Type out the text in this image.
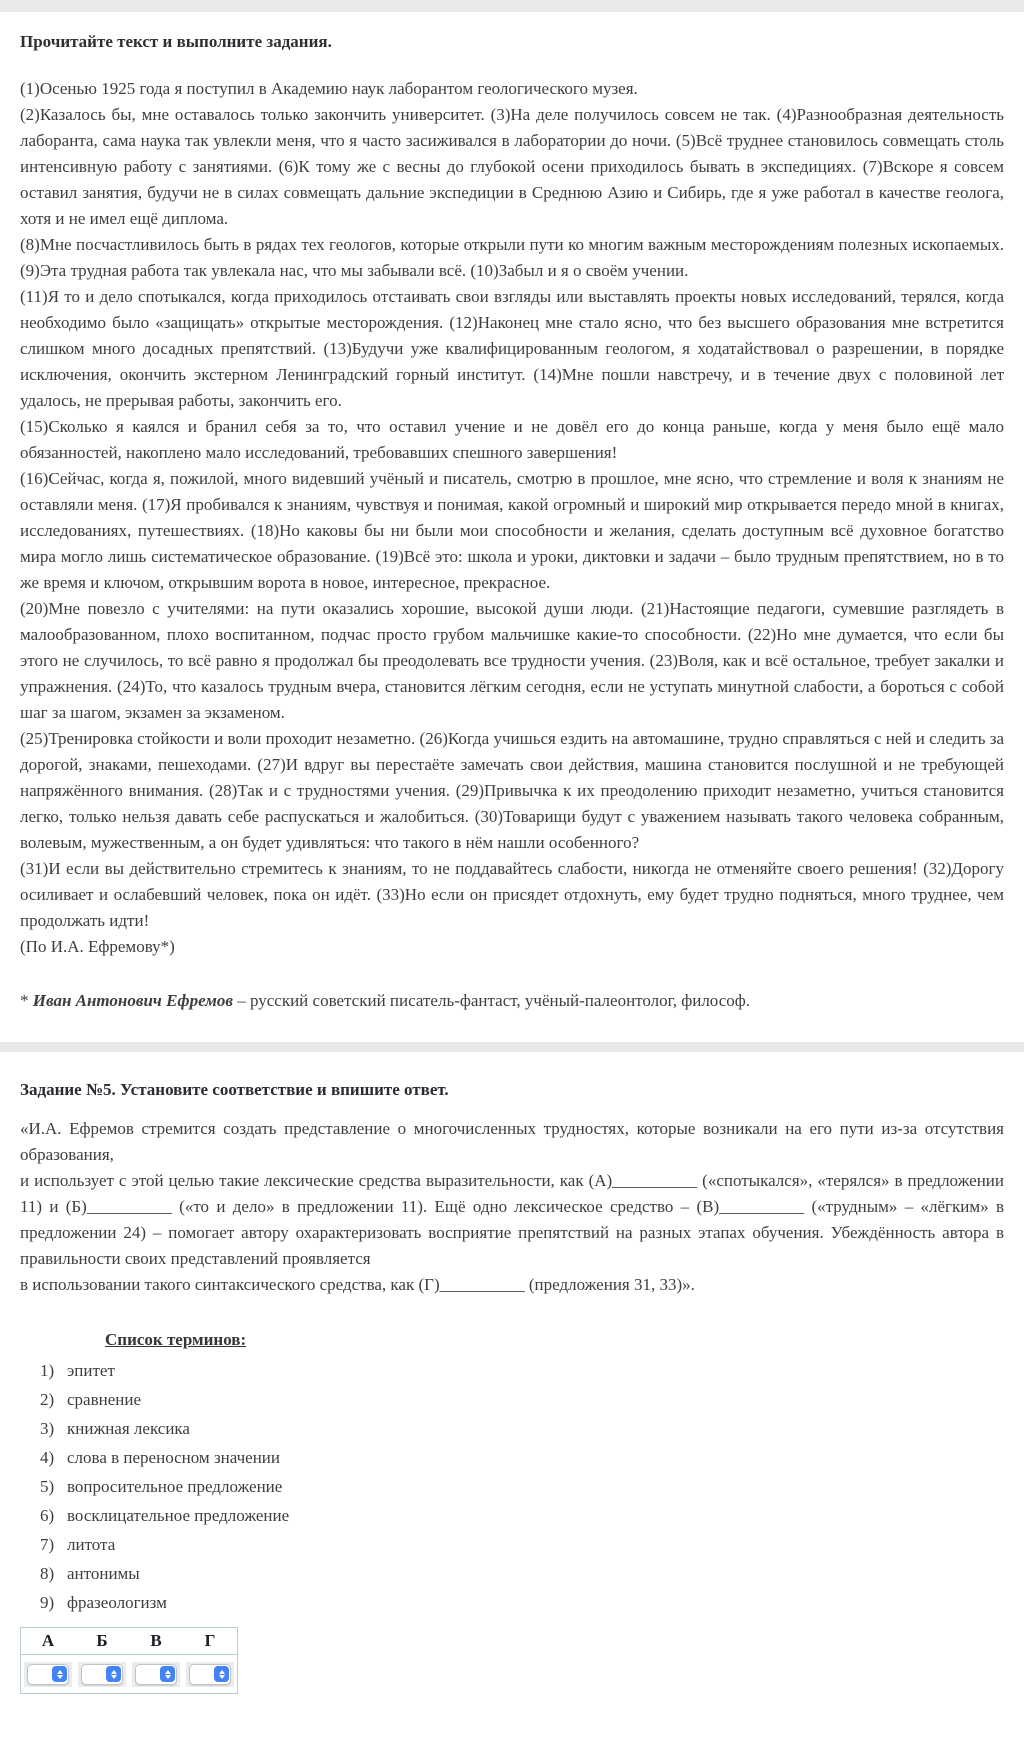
Прочитайте текст и выполните задания.

(1)Осенью 1925 года я поступил в Академию наук лаборантом геологического музея.

(2)Казалось бы, мне оставалось только закончить университет. (3)На деле получилось совсем не так. (4)Разнообразная деятельность лаборанта, сама наука так увлекли меня, что я часто засиживался в лаборатории до ночи. (5)Всё труднее становилось совмещать столь интенсивную работу с занятиями. (6)К тому же с весны до глубокой осени приходилось бывать в экспедициях. (7)Вскоре я совсем оставил занятия, будучи не в силах совмещать дальние экспедиции в Среднюю Азию и Сибирь, где я уже работал в качестве геолога, хотя и не имел ещё диплома.

(8)Мне посчастливилось быть в рядах тех геологов, которые открыли пути ко многим важным месторождениям полезных ископаемых. (9)Эта трудная работа так увлекала нас, что мы забывали всё. (10)Забыл и я о своём учении.

(11)Я то и дело спотыкался, когда приходилось отстаивать свои взгляды или выставлять проекты новых исследований, терялся, когда необходимо было «защищать» открытые месторождения. (12)Наконец мне стало ясно, что без высшего образования мне встретится слишком много досадных препятствий. (13)Будучи уже квалифицированным геологом, я ходатайствовал о разрешении, в порядке исключения, окончить экстерном Ленинградский горный институт. (14)Мне пошли навстречу, и в течение двух с половиной лет удалось, не прерывая работы, закончить его.

(15)Сколько я каялся и бранил себя за то, что оставил учение и не довёл его до конца раньше, когда у меня было ещё мало обязанностей, накоплено мало исследований, требовавших спешного завершения!

(16)Сейчас, когда я, пожилой, много видевший учёный и писатель, смотрю в прошлое, мне ясно, что стремление и воля к знаниям не оставляли меня. (17)Я пробивался к знаниям, чувствуя и понимая, какой огромный и широкий мир открывается передо мной в книгах, исследованиях, путешествиях. (18)Но каковы бы ни были мои способности и желания, сделать доступным всё духовное богатство мира могло лишь систематическое образование. (19)Всё это: школа и уроки, диктовки и задачи – было трудным препятствием, но в то же время и ключом, открывшим ворота в новое, интересное, прекрасное.

(20)Мне повезло с учителями: на пути оказались хорошие, высокой души люди. (21)Настоящие педагоги, сумевшие разглядеть в малообразованном, плохо воспитанном, подчас просто грубом мальчишке какие-то способности. (22)Но мне думается, что если бы этого не случилось, то всё равно я продолжал бы преодолевать все трудности учения. (23)Воля, как и всё остальное, требует закалки и упражнения. (24)То, что казалось трудным вчера, становится лёгким сегодня, если не уступать минутной слабости, а бороться с собой шаг за шагом, экзамен за экзаменом.

(25)Тренировка стойкости и воли проходит незаметно. (26)Когда учишься ездить на автомашине, трудно справляться с ней и следить за дорогой, знаками, пешеходами. (27)И вдруг вы перестаёте замечать свои действия, машина становится послушной и не требующей напряжённого внимания. (28)Так и с трудностями учения. (29)Привычка к их преодолению приходит незаметно, учиться становится легко, только нельзя давать себе распускаться и жалобиться. (30)Товарищи будут с уважением называть такого человека собранным, волевым, мужественным, а он будет удивляться: что такого в нём нашли особенного?

(31)И если вы действительно стремитесь к знаниям, то не поддавайтесь слабости, никогда не отменяйте своего решения! (32)Дорогу осиливает и ослабевший человек, пока он идёт. (33)Но если он присядет отдохнуть, ему будет трудно подняться, много труднее, чем продолжать идти!

(По И.А. Ефремову*)

* Иван Антонович Ефремов – русский советский писатель-фантаст, учёный-палеонтолог, философ.

Задание №5. Установите соответствие и впишите ответ.

«И.А. Ефремов стремится создать представление о многочисленных трудностях, которые возникали на его пути из-за отсутствия образования,
и использует с этой целью такие лексические средства выразительности, как (А)__________ («спотыкался», «терялся» в предложении 11) и (Б)__________ («то и дело» в предложении 11). Ещё одно лексическое средство – (В)__________ («трудным» – «лёгким» в предложении 24) – помогает автору охарактеризовать восприятие препятствий на разных этапах обучения. Убеждённость автора в правильности своих представлений проявляется
в использовании такого синтаксического средства, как (Г)__________ (предложения 31, 33)».
Список терминов:
1) эпитет
2) сравнение
3) книжная лексика
4) слова в переносном значении
5) вопросительное предложение
6) восклицательное предложение
7) литота
8) антонимы
9) фразеологизм
А	Б	В	Г
